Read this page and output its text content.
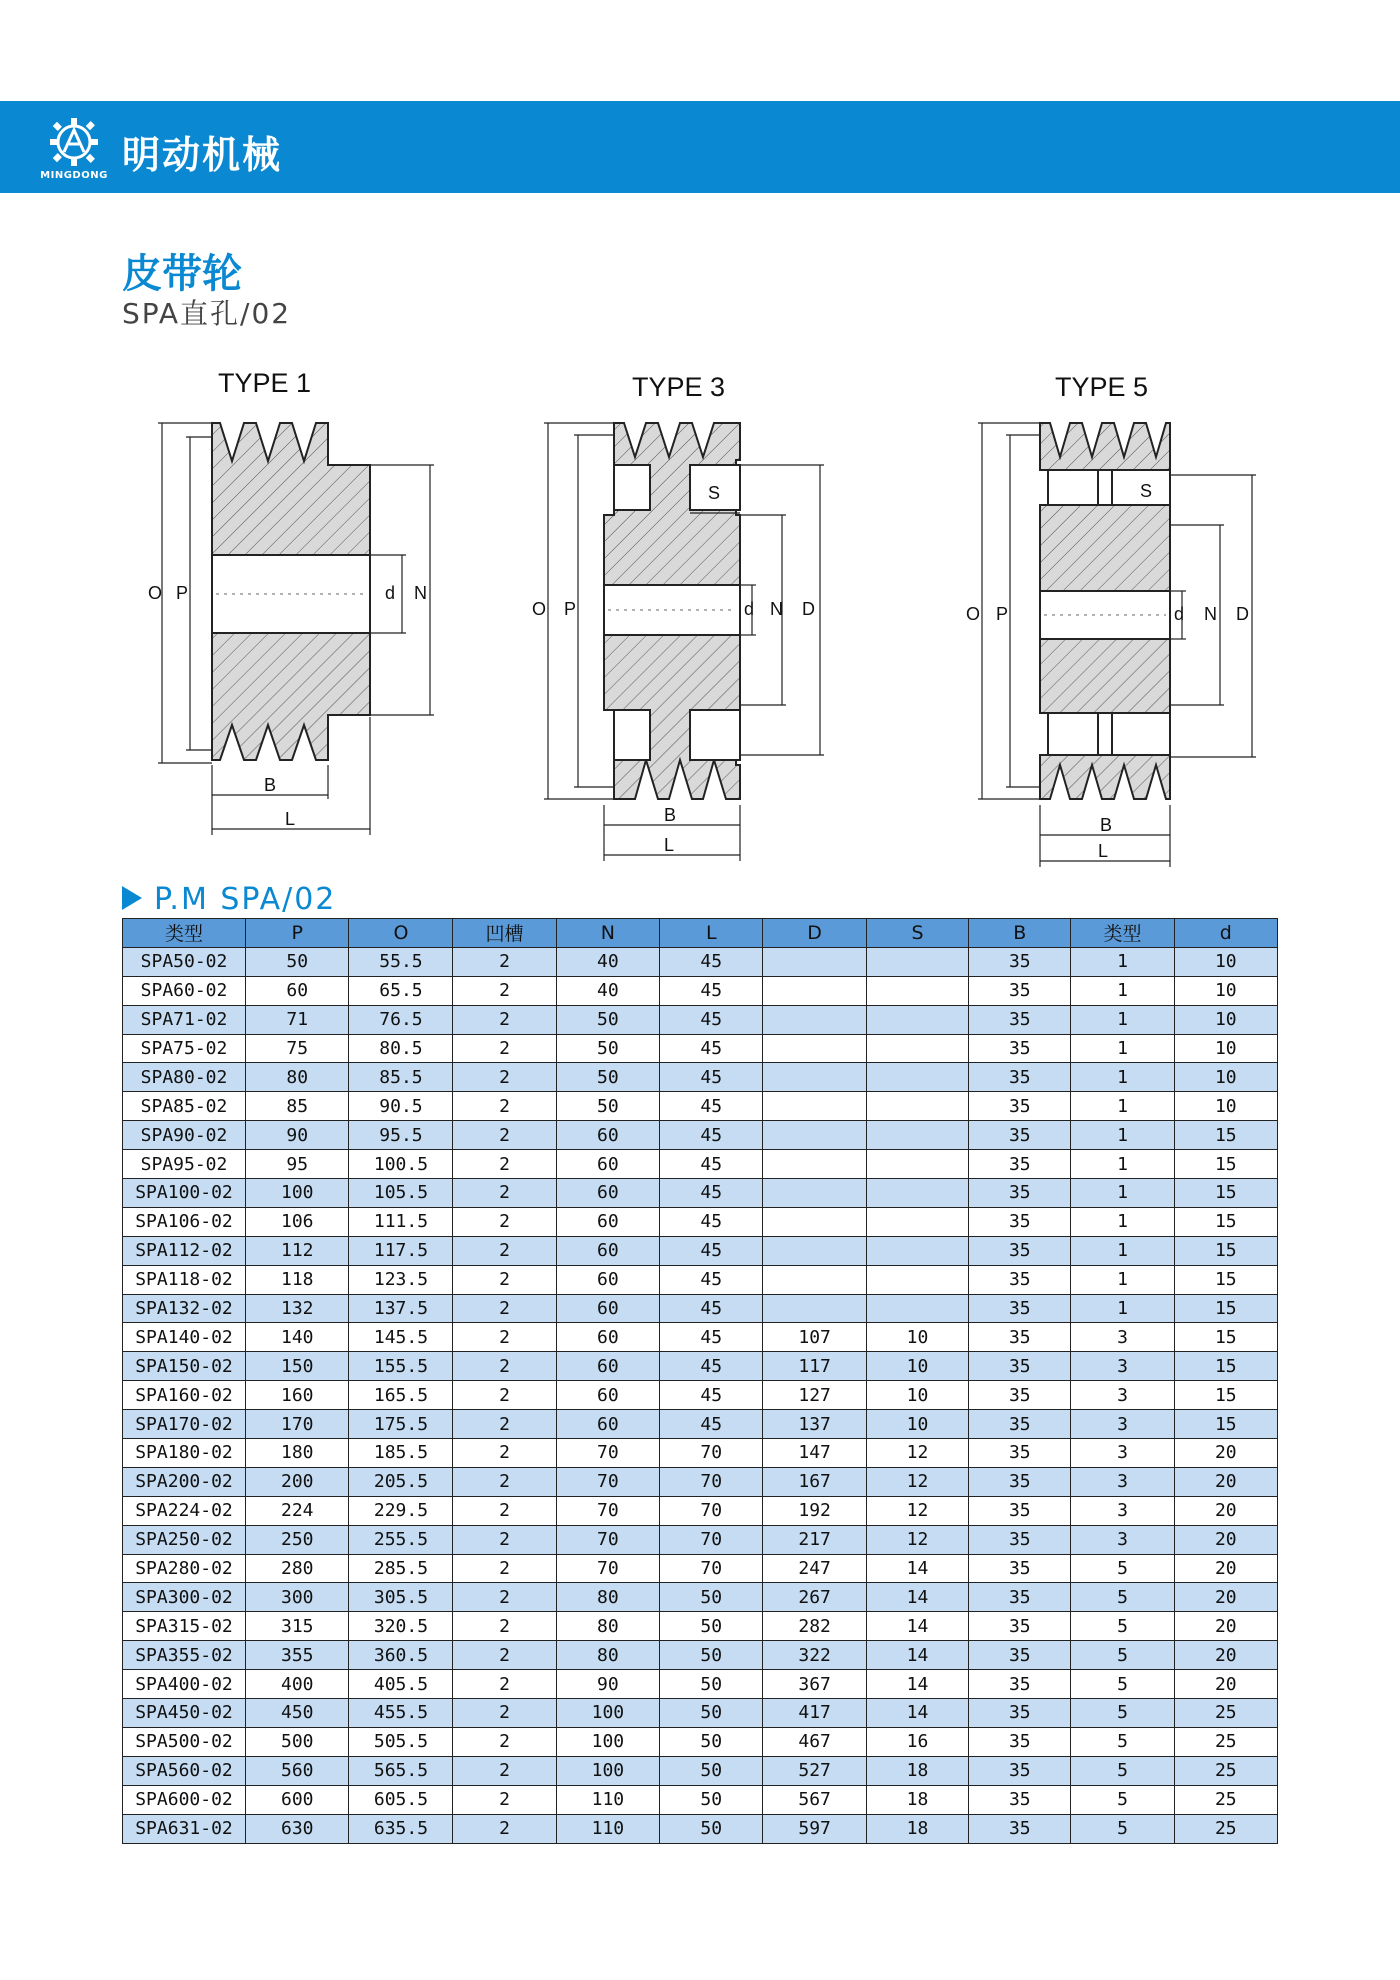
MINGDONG 明动机械
皮带轮
SPA直孔/02
TYPE 1	TYPE 3	TYPE 5
O P	d N
B
L
O P	d N D
S
B
L
O P	d N D
S
B
L
P.M SPA/02
类型	P	O	凹槽	N	L	D	S	B	类型	d
SPA50-02	50	55.5	2	40	45			35	1	10
SPA60-02	60	65.5	2	40	45			35	1	10
SPA71-02	71	76.5	2	50	45			35	1	10
SPA75-02	75	80.5	2	50	45			35	1	10
SPA80-02	80	85.5	2	50	45			35	1	10
SPA85-02	85	90.5	2	50	45			35	1	10
SPA90-02	90	95.5	2	60	45			35	1	15
SPA95-02	95	100.5	2	60	45			35	1	15
SPA100-02	100	105.5	2	60	45			35	1	15
SPA106-02	106	111.5	2	60	45			35	1	15
SPA112-02	112	117.5	2	60	45			35	1	15
SPA118-02	118	123.5	2	60	45			35	1	15
SPA132-02	132	137.5	2	60	45			35	1	15
SPA140-02	140	145.5	2	60	45	107	10	35	3	15
SPA150-02	150	155.5	2	60	45	117	10	35	3	15
SPA160-02	160	165.5	2	60	45	127	10	35	3	15
SPA170-02	170	175.5	2	60	45	137	10	35	3	15
SPA180-02	180	185.5	2	70	70	147	12	35	3	20
SPA200-02	200	205.5	2	70	70	167	12	35	3	20
SPA224-02	224	229.5	2	70	70	192	12	35	3	20
SPA250-02	250	255.5	2	70	70	217	12	35	3	20
SPA280-02	280	285.5	2	70	70	247	14	35	5	20
SPA300-02	300	305.5	2	80	50	267	14	35	5	20
SPA315-02	315	320.5	2	80	50	282	14	35	5	20
SPA355-02	355	360.5	2	80	50	322	14	35	5	20
SPA400-02	400	405.5	2	90	50	367	14	35	5	20
SPA450-02	450	455.5	2	100	50	417	14	35	5	25
SPA500-02	500	505.5	2	100	50	467	16	35	5	25
SPA560-02	560	565.5	2	100	50	527	18	35	5	25
SPA600-02	600	605.5	2	110	50	567	18	35	5	25
SPA631-02	630	635.5	2	110	50	597	18	35	5	25
